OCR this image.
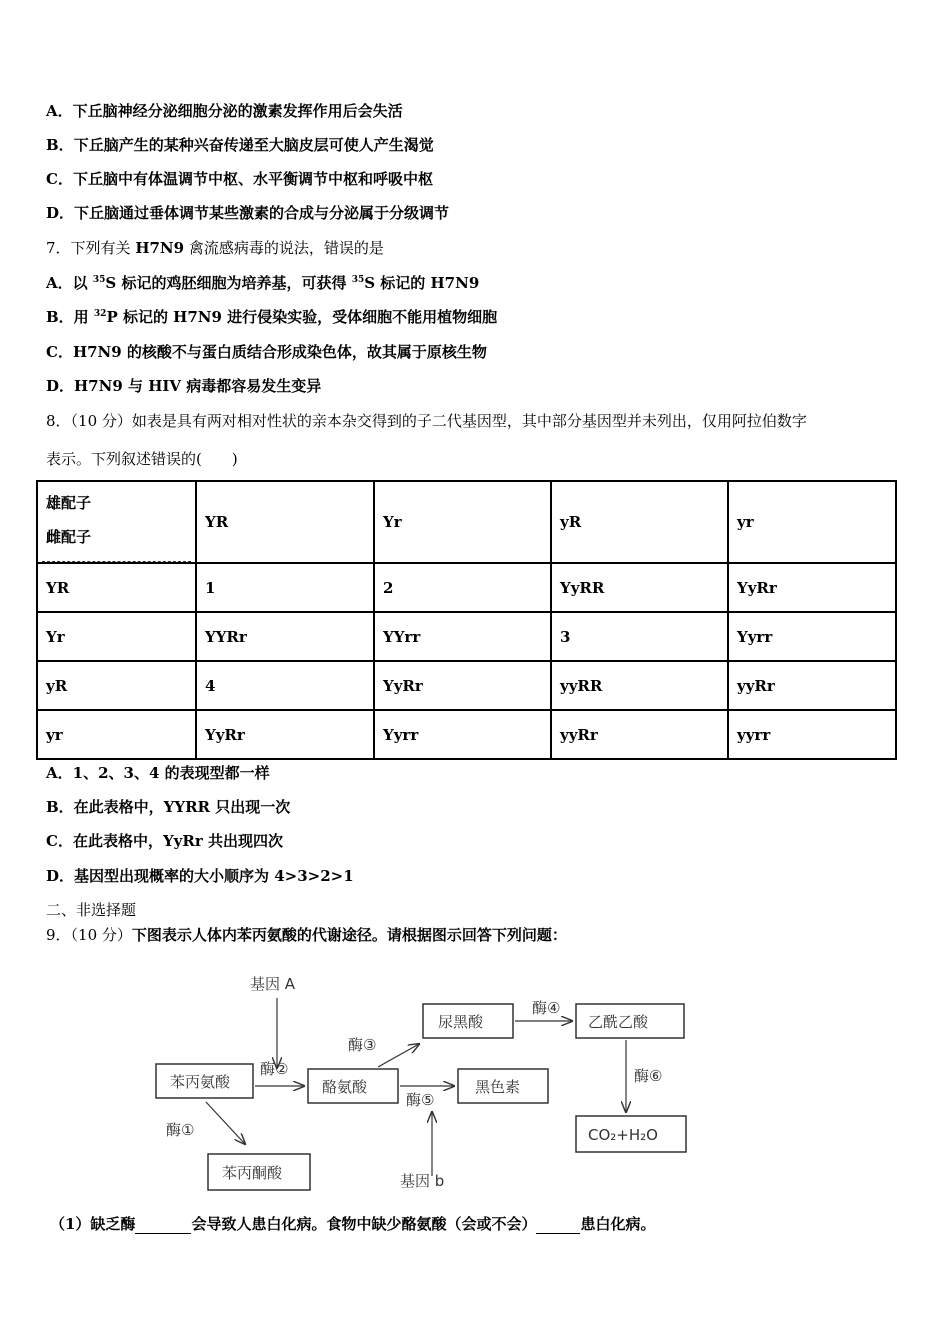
A．下丘脑神经分泌细胞分泌的激素发挥作用后会失活
B．下丘脑产生的某种兴奋传递至大脑皮层可使人产生渴觉
C．下丘脑中有体温调节中枢、水平衡调节中枢和呼吸中枢
D．下丘脑通过垂体调节某些激素的合成与分泌属于分级调节
7．下列有关 H7N9 禽流感病毒的说法，错误的是
A．以 $^{35}$S 标记的鸡胚细胞为培养基，可获得 $^{35}$S 标记的 H7N9
B．用 $^{32}$P 标记的 H7N9 进行侵染实验，受体细胞不能用植物细胞
C．H7N9 的核酸不与蛋白质结合形成染色体，故其属于原核生物
D．H7N9 与 HIV 病毒都容易发生变异
8．（10 分）如表是具有两对相对性状的亲本杂交得到的子二代基因型，其中部分基因型并未列出，仅用阿拉伯数字
表示。下列叙述错误的(　　)
雄配子
雌配子	YR	Yr	yR	yr
YR	1	2	YyRR	YyRr
Yr	YYRr	YYrr	3	Yyrr
yR	4	YyRr	yyRR	yyRr
yr	YyRr	Yyrr	yyRr	yyrr
A．1、2、3、4 的表现型都一样
B．在此表格中，YYRR 只出现一次
C．在此表格中，YyRr 共出现四次
D．基因型出现概率的大小顺序为 4>3>2>1
二、非选择题
9．（10 分）下图表示人体内苯丙氨酸的代谢途径。请根据图示回答下列问题：
基因 A
苯丙氨酸	酪氨酸
尿黑酸
黑色素
乙酰乙酸
CO₂+H₂O
苯丙酮酸	基因 b
酶①
酶②
酶③
酶④
酶⑤
酶⑥
（1）缺乏酶	会导致人患白化病。食物中缺少酪氨酸（会或不会）	患白化病。
